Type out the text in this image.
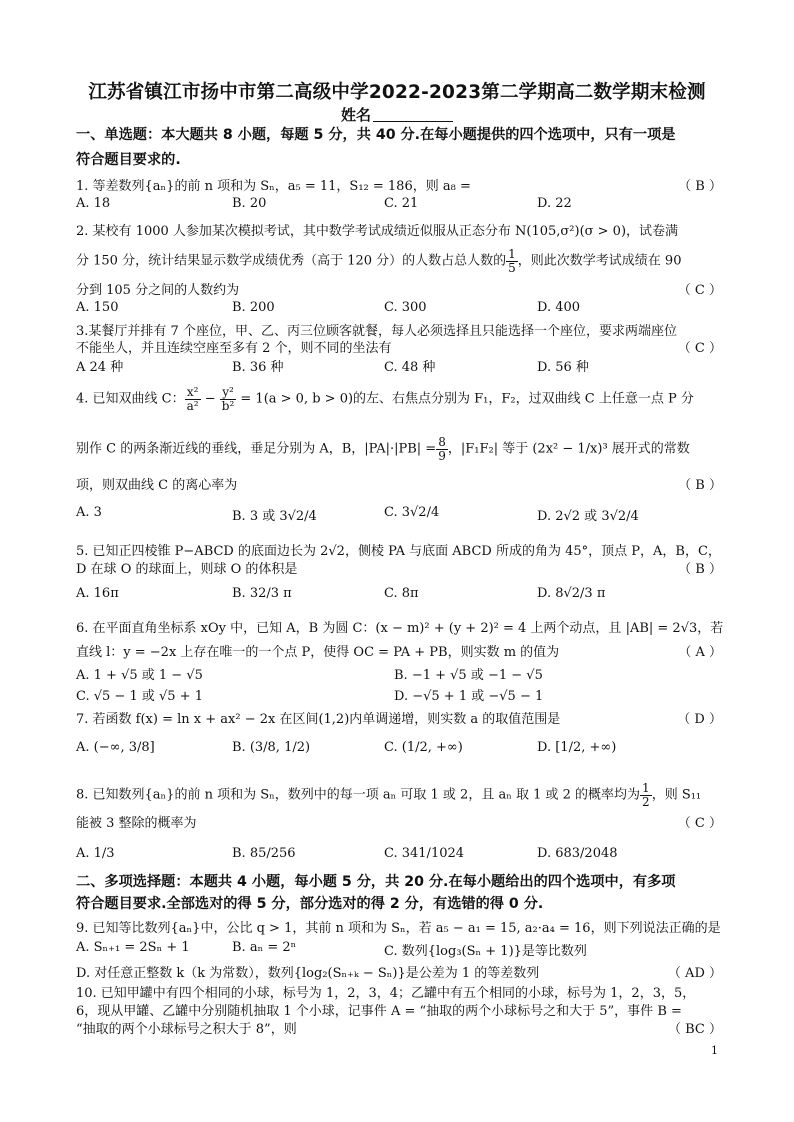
江苏省镇江市扬中市第二高级中学2022-2023第二学期高二数学期末检测
姓名
一、单选题：本大题共 8 小题，每题 5 分，共 40 分.在每小题提供的四个选项中，只有一项是
符合题目要求的.
1. 等差数列{aₙ}的前 n 项和为 Sₙ，a₅ = 11，S₁₂ = 186，则 a₈ =	（ B ）
A. 18	B. 20	C. 21	D. 22
2. 某校有 1000 人参加某次模拟考试，其中数学考试成绩近似服从正态分布 N(105,σ²)(σ > 0)，试卷满
分 150 分，统计结果显示数学成绩优秀（高于 120 分）的人数占总人数的 $\frac{1}{5}$ ，则此次数学考试成绩在 90
分到 105 分之间的人数约为	（ C ）
A. 150	B. 200	C. 300	D. 400
3.某餐厅并排有 7 个座位，甲、乙、丙三位顾客就餐，每人必须选择且只能选择一个座位，要求两端座位
不能坐人，并且连续空座至多有 2 个，则不同的坐法有	（ C ）
A 24 种	B. 36 种	C. 48 种	D. 56 种
4. 已知双曲线 C： $\frac{\text{x²}}{\text{a²}} - \frac{\text{y²}}{\text{b²}} = 1(a > 0$, b > 0)的左、右焦点分别为 F₁，F₂，过双曲线 C 上任意一点 P 分
别作 C 的两条渐近线的垂线，垂足分别为 A，B，$|PA|\cdot|PB| = \frac{8}{9}$ ，|F₁F₂| 等于 (2x² − 1/x)³ 展开式的常数
项，则双曲线 C 的离心率为	（ B ）
A. 3	B. 3 或 3√2/4	C. 3√2/4	D. 2√2 或 3√2/4
5. 已知正四棱锥 P−ABCD 的底面边长为 2√2，侧棱 PA 与底面 ABCD 所成的角为 45°，顶点 P，A，B，C，
D 在球 O 的球面上，则球 O 的体积是	（ B ）
A. 16π	B. 32/3 π	C. 8π	D. 8√2/3 π
6. 在平面直角坐标系 xOy 中，已知 A，B 为圆 C：(x − m)² + (y + 2)² = 4 上两个动点，且 |AB| = 2√3，若
直线 l：y = −2x 上存在唯一的一个点 P，使得 OC = PA + PB，则实数 m 的值为	（ A ）
A. 1 + √5 或 1 − √5	B. −1 + √5 或 −1 − √5
C. √5 − 1 或 √5 + 1	D. −√5 + 1 或 −√5 − 1
7. 若函数 f(x) = ln x + ax² − 2x 在区间(1,2)内单调递增，则实数 a 的取值范围是	（ D ）
A. (−∞, 3/8]	B. (3/8, 1/2)	C. (1/2, +∞)	D. [1/2, +∞)
8. 已知数列{aₙ}的前 n 项和为 Sₙ，数列中的每一项 aₙ 可取 1 或 2，且 aₙ 取 1 或 2 的概率均为 $\frac{1}{2}$ ，则 S₁₁
能被 3 整除的概率为	（ C ）
A. 1/3	B. 85/256	C. 341/1024	D. 683/2048
二、多项选择题：本题共 4 小题，每小题 5 分，共 20 分.在每小题给出的四个选项中，有多项
符合题目要求.全部选对的得 5 分，部分选对的得 2 分，有选错的得 0 分.
9. 已知等比数列{aₙ}中，公比 q > 1，其前 n 项和为 Sₙ，若 a₅ − a₁ = 15, a₂·a₄ = 16，则下列说法正确的是
A. Sₙ₊₁ = 2Sₙ + 1	B. aₙ = 2ⁿ	C. 数列{log₃(Sₙ + 1)}是等比数列
D. 对任意正整数 k（k 为常数），数列{log₂(Sₙ₊ₖ − Sₙ)}是公差为 1 的等差数列	（ AD ）
10. 已知甲罐中有四个相同的小球，标号为 1，2，3，4；乙罐中有五个相同的小球，标号为 1，2，3，5，
6，现从甲罐、乙罐中分别随机抽取 1 个小球，记事件 A = “抽取的两个小球标号之和大于 5”，事件 B =
“抽取的两个小球标号之积大于 8”，则	（ BC ）
1
